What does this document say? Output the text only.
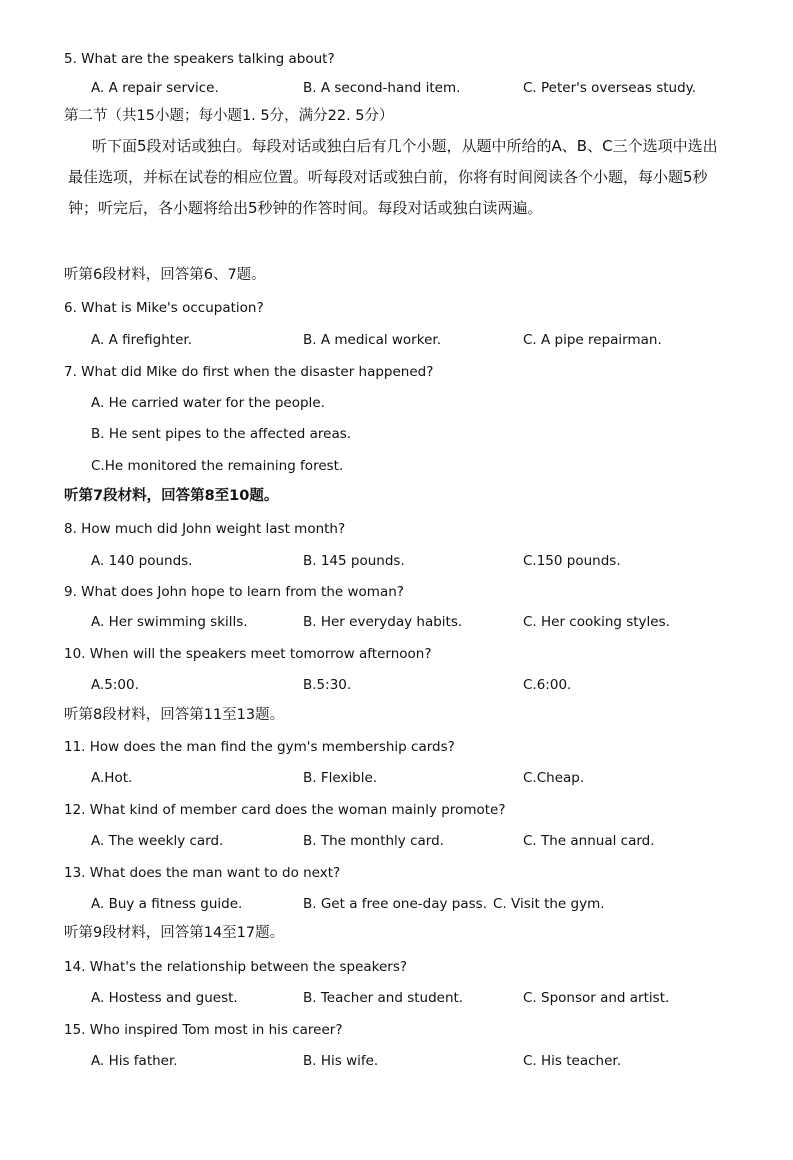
5. What are the speakers talking about?
A. A repair service.	B. A second-hand item.	C. Peter's overseas study.
第二节（共15小题；每小题1. 5分，满分22. 5分）
听下面5段对话或独白。每段对话或独白后有几个小题，从题中所给的A、B、C三个选项中选出最佳选项，并标在试卷的相应位置。听每段对话或独白前，你将有时间阅读各个小题，每小题5秒钟；听完后，各小题将给出5秒钟的作答时间。每段对话或独白读两遍。
听第6段材料，回答第6、7题。
6. What is Mike's occupation?
A. A firefighter.	B. A medical worker.	C. A pipe repairman.
7. What did Mike do first when the disaster happened?
A. He carried water for the people.
B. He sent pipes to the affected areas.
C.He monitored the remaining forest.
听第7段材料，回答第8至10题。
8. How much did John weight last month?
A. 140 pounds.	B. 145 pounds.	C.150 pounds.
9. What does John hope to learn from the woman?
A. Her swimming skills.	B. Her everyday habits.	C. Her cooking styles.
10. When will the speakers meet tomorrow afternoon?
A.5:00.	B.5:30.	C.6:00.
听第8段材料，回答第11至13题。
11. How does the man find the gym's membership cards?
A.Hot.	B. Flexible.	C.Cheap.
12. What kind of member card does the woman mainly promote?
A. The weekly card.	B. The monthly card.	C. The annual card.
13. What does the man want to do next?
A. Buy a fitness guide.	B. Get a free one-day pass. C. Visit the gym.
听第9段材料，回答第14至17题。
14. What's the relationship between the speakers?
A. Hostess and guest.	B. Teacher and student.	C. Sponsor and artist.
15. Who inspired Tom most in his career?
A. His father.	B. His wife.	C. His teacher.
